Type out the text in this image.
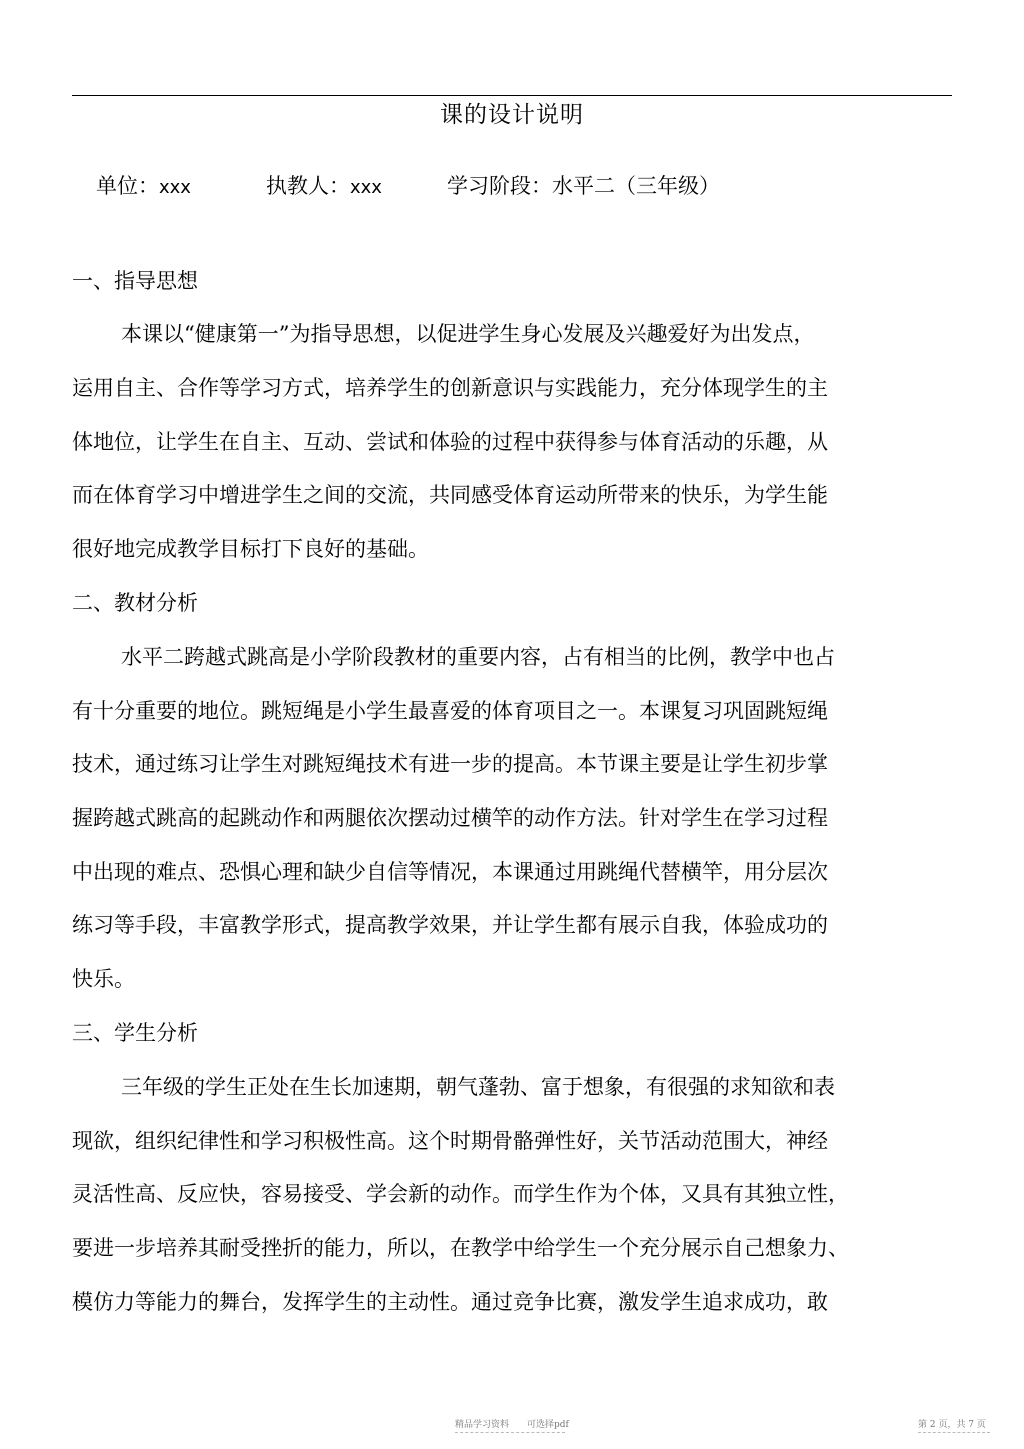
课的设计说明
单位：xxx	执教人：xxx	学习阶段：水平二（三年级）
一、指导思想
本课以“健康第一”为指导思想，以促进学生身心发展及兴趣爱好为出发点，
运用自主、合作等学习方式，培养学生的创新意识与实践能力，充分体现学生的主
体地位，让学生在自主、互动、尝试和体验的过程中获得参与体育活动的乐趣，从
而在体育学习中增进学生之间的交流，共同感受体育运动所带来的快乐，为学生能
很好地完成教学目标打下良好的基础。
二、教材分析
水平二跨越式跳高是小学阶段教材的重要内容，占有相当的比例，教学中也占
有十分重要的地位。跳短绳是小学生最喜爱的体育项目之一。本课复习巩固跳短绳
技术，通过练习让学生对跳短绳技术有进一步的提高。本节课主要是让学生初步掌
握跨越式跳高的起跳动作和两腿依次摆动过横竿的动作方法。针对学生在学习过程
中出现的难点、恐惧心理和缺少自信等情况，本课通过用跳绳代替横竿，用分层次
练习等手段，丰富教学形式，提高教学效果，并让学生都有展示自我，体验成功的
快乐。
三、学生分析
三年级的学生正处在生长加速期，朝气蓬勃、富于想象，有很强的求知欲和表
现欲，组织纪律性和学习积极性高。这个时期骨骼弹性好，关节活动范围大，神经
灵活性高、反应快，容易接受、学会新的动作。而学生作为个体，又具有其独立性，
要进一步培养其耐受挫折的能力，所以，在教学中给学生一个充分展示自己想象力、
模仿力等能力的舞台，发挥学生的主动性。通过竞争比赛，激发学生追求成功，敢
精品学习资料　　可选择pdf	第 2 页，共 7 页
